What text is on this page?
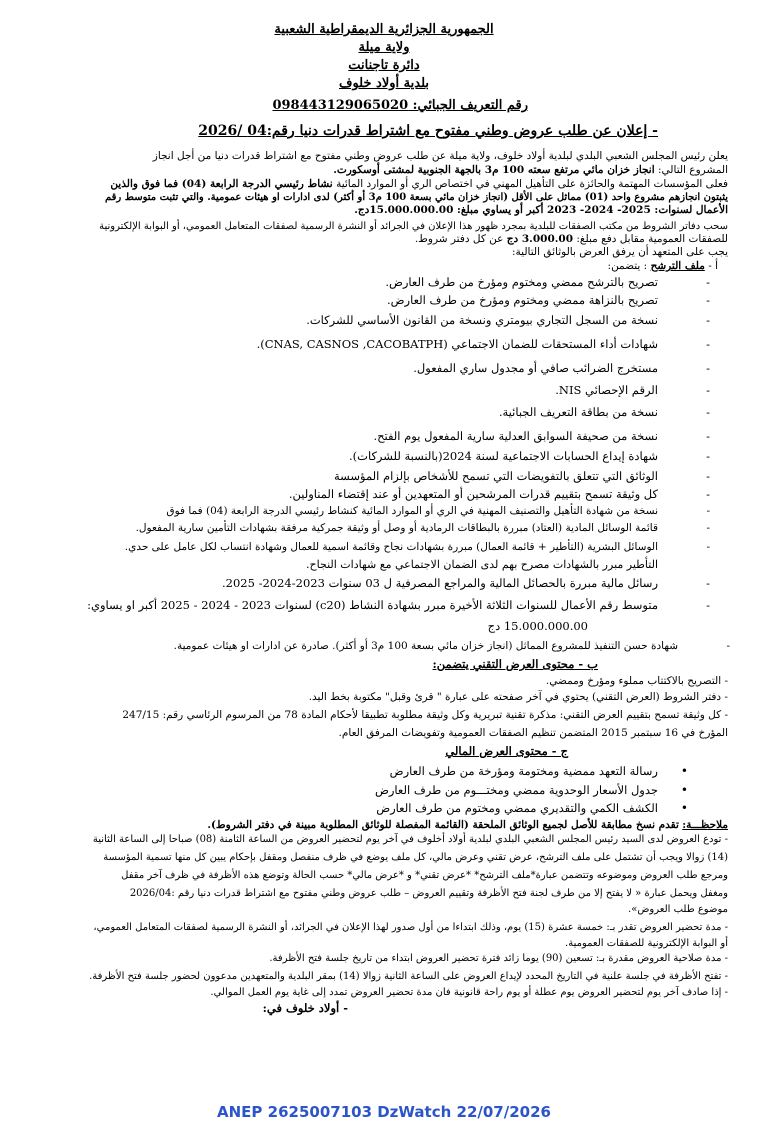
الجمهورية الجزائرية الديمقراطية الشعبية
ولاية ميلة
دائرة تاجنانت
بلدية أولاد خلوف
رقم التعريف الجبائي: 098443129065020
- إعلان عن طلب عروض وطني مفتوح مع اشتراط قدرات دنيا رقم:04 /2026
يعلن رئيس المجلس الشعبي البلدي لبلدية أولاد خلوف، ولاية ميلة عن طلب عروض وطني مفتوح مع اشتراط قدرات دنيا من أجل انجاز
المشروع التالي: انجاز خزان مائي مرتفع سعته 100 م3 بالجهة الجنوبية لمشتى أوسكورت.
فعلى المؤسسات المهتمة والحائزة على التأهيل المهني في اختصاص الري أو الموارد المائية نشاط رئيسي الدرجة الرابعة (04) فما فوق والذين
يثبتون انجازهم مشروع واحد (01) مماثل على الأقل (انجاز خزان مائي بسعة 100 م3 أو أكثر) لدى ادارات او هيئات عمومية. والتي تثبت متوسط رقم
الأعمال لسنوات: 2025- 2024- 2023 أكبر أو يساوي مبلغ: 15.000.000.00دج.
سحب دفاتر الشروط من مكتب الصفقات للبلدية بمجرد ظهور هذا الإعلان في الجرائد أو النشرة الرسمية لصفقات المتعامل العمومي، أو البوابة الإلكترونية
للصفقات العمومية مقابل دفع مبلغ: 3.000.00 دج عن كل دفتر شروط.
يجب على المتعهد أن يرفق العرض بالوثائق التالية:
أ - ملف الترشح : يتضمن:
- تصريح بالترشح ممضي ومختوم ومؤرخ من طرف العارض.
- تصريح بالنزاهة ممضي ومختوم ومؤرخ من طرف العارض.
- نسخة من السجل التجاري بيومتري ونسخة من القانون الأساسي للشركات.
- شهادات أداء المستحقات للضمان الاجتماعي (CNAS, CASNOS ,CACOBATPH).
- مستخرج الضرائب صافي أو مجدول ساري المفعول.
- الرقم الإحصائي NIS.
- نسخة من بطاقة التعريف الجبائية.
- نسخة من صحيفة السوابق العدلية سارية المفعول يوم الفتح.
- شهادة إيداع الحسابات الاجتماعية لسنة 2024(بالنسبة للشركات).
- الوثائق التي تتعلق بالتفويضات التي تسمح للأشخاص بإلزام المؤسسة
- كل وثيقة تسمح بتقييم قدرات المرشحين أو المتعهدين أو عند إقتضاء المناولين.
- نسخة من شهادة التأهيل والتصنيف المهنية في الري أو الموارد المائية كنشاط رئيسي الدرجة الرابعة (04) فما فوق
- قائمة الوسائل المادية (العتاد) مبررة بالبطاقات الرمادية أو وصل أو وثيقة جمركية مرفقة بشهادات التأمين سارية المفعول.
- الوسائل البشرية (التأطير + قائمة العمال) مبررة بشهادات نجاح وقائمة اسمية للعمال وشهادة انتساب لكل عامل على حدي.
التأطير مبرر بالشهادات مصرح بهم لدى الضمان الاجتماعي مع شهادات النجاح.
- رسائل مالية مبررة بالحصائل المالية والمراجع المصرفية ل 03 سنوات 2023-2024- 2025.
- متوسط رقم الأعمال للسنوات الثلاثة الأخيرة مبرر بشهادة النشاط (c20) لسنوات 2023 - 2024 - 2025 أكبر او يساوي:
15.000.000.00 دج
- شهادة حسن التنفيذ للمشروع المماثل (انجاز خزان مائي بسعة 100 م3 أو أكثر). صادرة عن ادارات او هيئات عمومية.
ب - محتوى العرض التقني يتضمن:
- التصريح بالاكتتاب مملوء ومؤرخ وممضي.
- دفتر الشروط (العرض التقني) يحتوي في آخر صفحته على عبارة " قرئ وقبل" مكتوبة بخط اليد.
- كل وثيقة تسمح بتقييم العرض التقني: مذكرة تقنية تبريرية وكل وثيقة مطلوبة تطبيقا لأحكام المادة 78 من المرسوم الرئاسي رقم: 247/15
المؤرخ في 16 سبتمبر 2015 المتضمن تنظيم الصفقات العمومية وتفويضات المرفق العام.
ج - محتوى العرض المالي
• رسالة التعهد ممضية ومختومة ومؤرخة من طرف العارض
• جدول الأسعار الوحدوية ممضي ومختـــوم من طرف العارض
• الكشف الكمي والتقديري ممضي ومختوم من طرف العارض
ملاحظـــة: تقدم نسخ مطابقة للأصل لجميع الوثائق الملحقة (القائمة المفصلة للوثائق المطلوبة مبينة في دفتر الشروط).
- تودع العروض لدى السيد رئيس المجلس الشعبي البلدي لبلدية أولاد أخلوف في آخر يوم لتحضير العروض من الساعة الثامنة (08) صباحا إلى الساعة الثانية
(14) زوالا ويجب أن تشتمل على ملف الترشح، عرض تقني وعرض مالي، كل ملف يوضع في ظرف منفصل ومقفل بإحكام يبين كل منها تسمية المؤسسة
ومرجع طلب العروض وموضوعه وتتضمن عبارة*ملف الترشح* *عرض تقني* و *عرض مالي* حسب الحالة وتوضع هذه الأظرفة في ظرف آخر مقفل
ومغفل ويحمل عبارة « لا يفتح إلا من طرف لجنة فتح الأظرفة وتقييم العروض – طلب عروض وطني مفتوح مع اشتراط قدرات دنيا رقم :2026/04
موضوع طلب العروض».
- مدة تحضير العروض تقدر بـ: خمسة عشرة (15) يوم، وذلك ابتداءا من أول صدور لهذا الإعلان في الجرائد، أو النشرة الرسمية لصفقات المتعامل العمومي،
أو البوابة الإلكترونية للصفقات العمومية.
- مدة صلاحية العروض مقدرة بـ: تسعين (90) يوما زائد فترة تحضير العروض ابتداء من تاريخ جلسة فتح الأظرفة.
- تفتح الأظرفة في جلسة علنية في التاريخ المحدد لإيداع العروض على الساعة الثانية زوالا (14) بمقر البلدية والمتعهدين مدعوون لحضور جلسة فتح الأظرفة.
- إذا صادف آخر يوم لتحضير العروض يوم عطلة أو يوم راحة قانونية فان مدة تحضير العروض تمدد إلى غاية يوم العمل الموالي.
- أولاد خلوف في:
ANEP 2625007103 DzWatch 22/07/2026
